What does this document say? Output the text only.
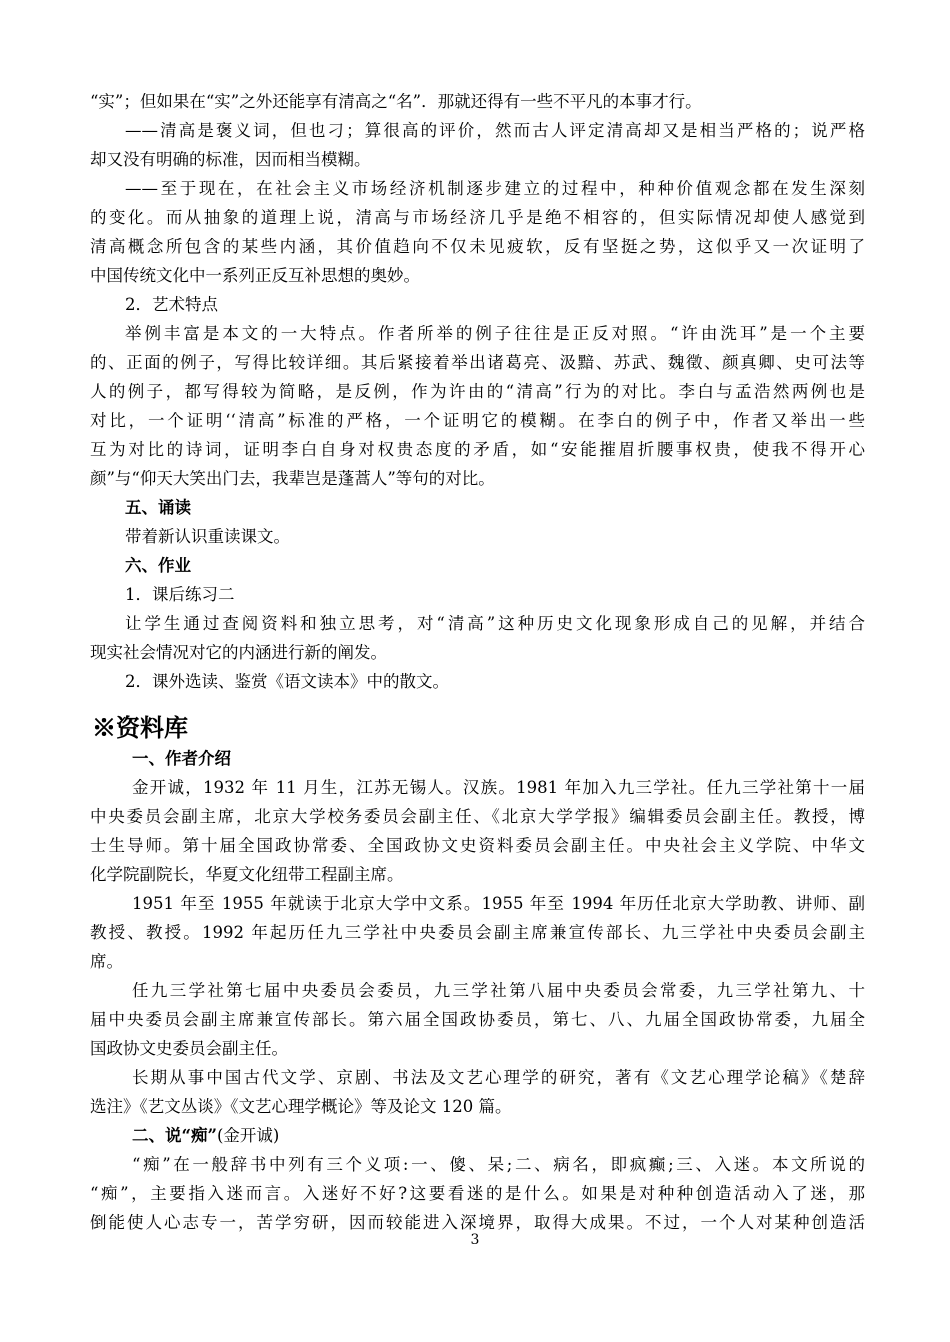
“实”；但如果在“实”之外还能享有清高之“名”．那就还得有一些不平凡的本事才行。
——清高是褒义词，但也刁；算很高的评价，然而古人评定清高却又是相当严格的；说严格
却又没有明确的标准，因而相当模糊。
——至于现在，在社会主义市场经济机制逐步建立的过程中，种种价值观念都在发生深刻
的变化。而从抽象的道理上说，清高与市场经济几乎是绝不相容的，但实际情况却使人感觉到
清高概念所包含的某些内涵，其价值趋向不仅未见疲软，反有坚挺之势，这似乎又一次证明了
中国传统文化中一系列正反互补思想的奥妙。
2．艺术特点
举例丰富是本文的一大特点。作者所举的例子往往是正反对照。“许由洗耳”是一个主要
的、正面的例子，写得比较详细。其后紧接着举出诸葛亮、汲黯、苏武、魏徵、颜真卿、史可法等
人的例子，都写得较为简略，是反例，作为许由的“清高”行为的对比。李白与孟浩然两例也是
对比，一个证明‘‘清高”标准的严格，一个证明它的模糊。在李白的例子中，作者又举出一些
互为对比的诗词，证明李白自身对权贵态度的矛盾，如“安能摧眉折腰事权贵，使我不得开心
颜”与“仰天大笑出门去，我辈岂是蓬蒿人”等句的对比。
五、诵读
带着新认识重读课文。
六、作业
1．课后练习二
让学生通过查阅资料和独立思考，对“清高”这种历史文化现象形成自己的见解，并结合
现实社会情况对它的内涵进行新的阐发。
2．课外选读、鉴赏《语文读本》中的散文。
※资料库
一、作者介绍
金开诚，1932 年 11 月生，江苏无锡人。汉族。1981 年加入九三学社。任九三学社第十一届
中央委员会副主席，北京大学校务委员会副主任、《北京大学学报》编辑委员会副主任。教授，博
士生导师。第十届全国政协常委、全国政协文史资料委员会副主任。中央社会主义学院、中华文
化学院副院长，华夏文化纽带工程副主席。
1951 年至 1955 年就读于北京大学中文系。1955 年至 1994 年历任北京大学助教、讲师、副
教授、教授。1992 年起历任九三学社中央委员会副主席兼宣传部长、九三学社中央委员会副主
席。
任九三学社第七届中央委员会委员，九三学社第八届中央委员会常委，九三学社第九、十
届中央委员会副主席兼宣传部长。第六届全国政协委员，第七、八、九届全国政协常委，九届全
国政协文史委员会副主任。
长期从事中国古代文学、京剧、书法及文艺心理学的研究，著有《文艺心理学论稿》《楚辞
选注》《艺文丛谈》《文艺心理学概论》等及论文 120 篇。
二、说“痴”(金开诚)
“痴”在一般辞书中列有三个义项:一、傻、呆;二、病名，即疯癫;三、入迷。本文所说的
“痴”，主要指入迷而言。入迷好不好?这要看迷的是什么。如果是对种种创造活动入了迷，那
倒能使人心志专一，苦学穷研，因而较能进入深境界，取得大成果。不过，一个人对某种创造活
3
